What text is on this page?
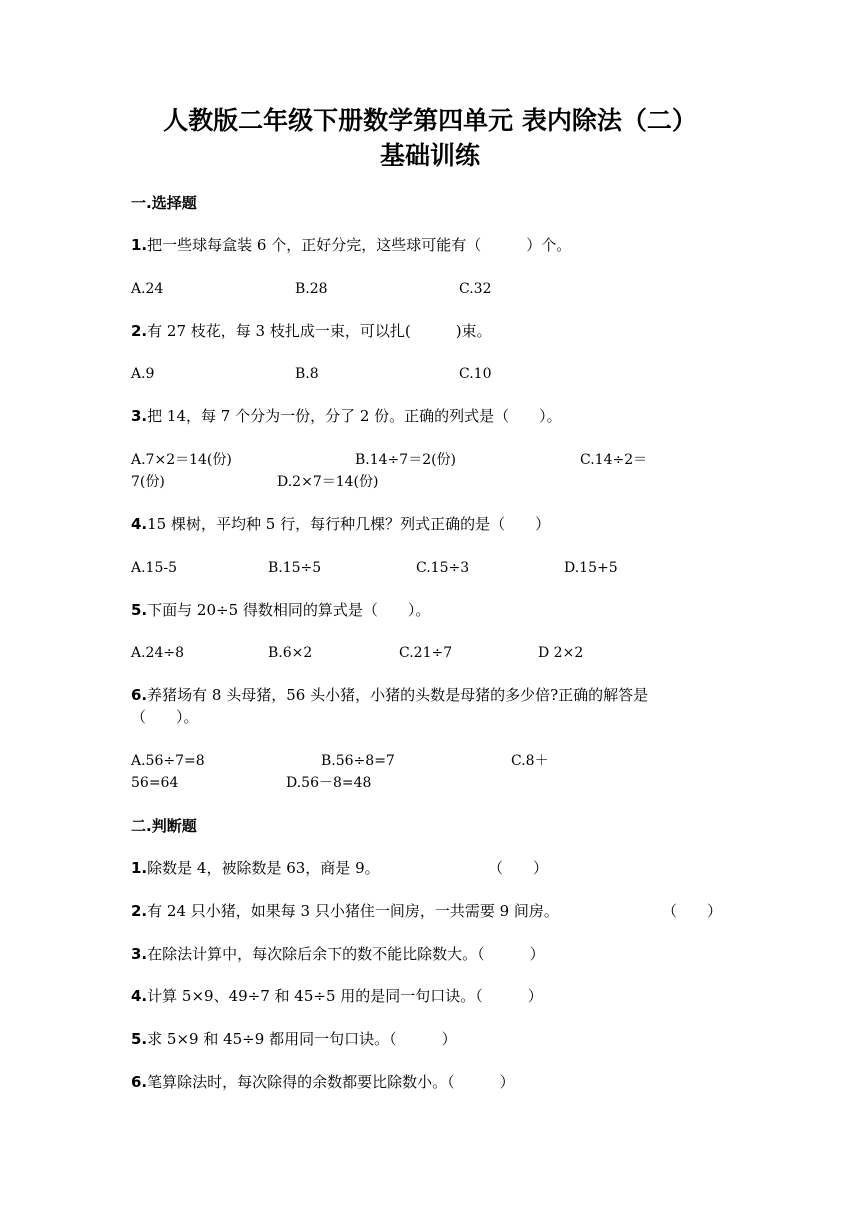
人教版二年级下册数学第四单元 表内除法（二）
基础训练
一.选择题
1.把一些球每盒装 6 个，正好分完，这些球可能有（　　　）个。
A.24	B.28	C.32
2.有 27 枝花，每 3 枝扎成一束，可以扎(　　　)束。
A.9	B.8	C.10
3.把 14，每 7 个分为一份，分了 2 份。正确的列式是（　　）。
A.7×2＝14(份)	B.14÷7＝2(份)	C.14÷2＝
7(份)	D.2×7＝14(份)
4.15 棵树，平均种 5 行，每行种几棵？列式正确的是（　　）
A.15-5	B.15÷5	C.15÷3	D.15+5
5.下面与 20÷5 得数相同的算式是（　　）。
A.24÷8	B.6×2	C.21÷7	D 2×2
6.养猪场有 8 头母猪，56 头小猪，小猪的头数是母猪的多少倍?正确的解答是
（　　）。
A.56÷7=8	B.56÷8=7	C.8＋
56=64	D.56－8=48
二.判断题
1.除数是 4，被除数是 63，商是 9。	（　　）
2.有 24 只小猪，如果每 3 只小猪住一间房，一共需要 9 间房。	（　　）
3.在除法计算中，每次除后余下的数不能比除数大。（　　　）
4.计算 5×9、49÷7 和 45÷5 用的是同一句口诀。（　　　）
5.求 5×9 和 45÷9 都用同一句口诀。（　　　）
6.笔算除法时，每次除得的余数都要比除数小。（　　　）
